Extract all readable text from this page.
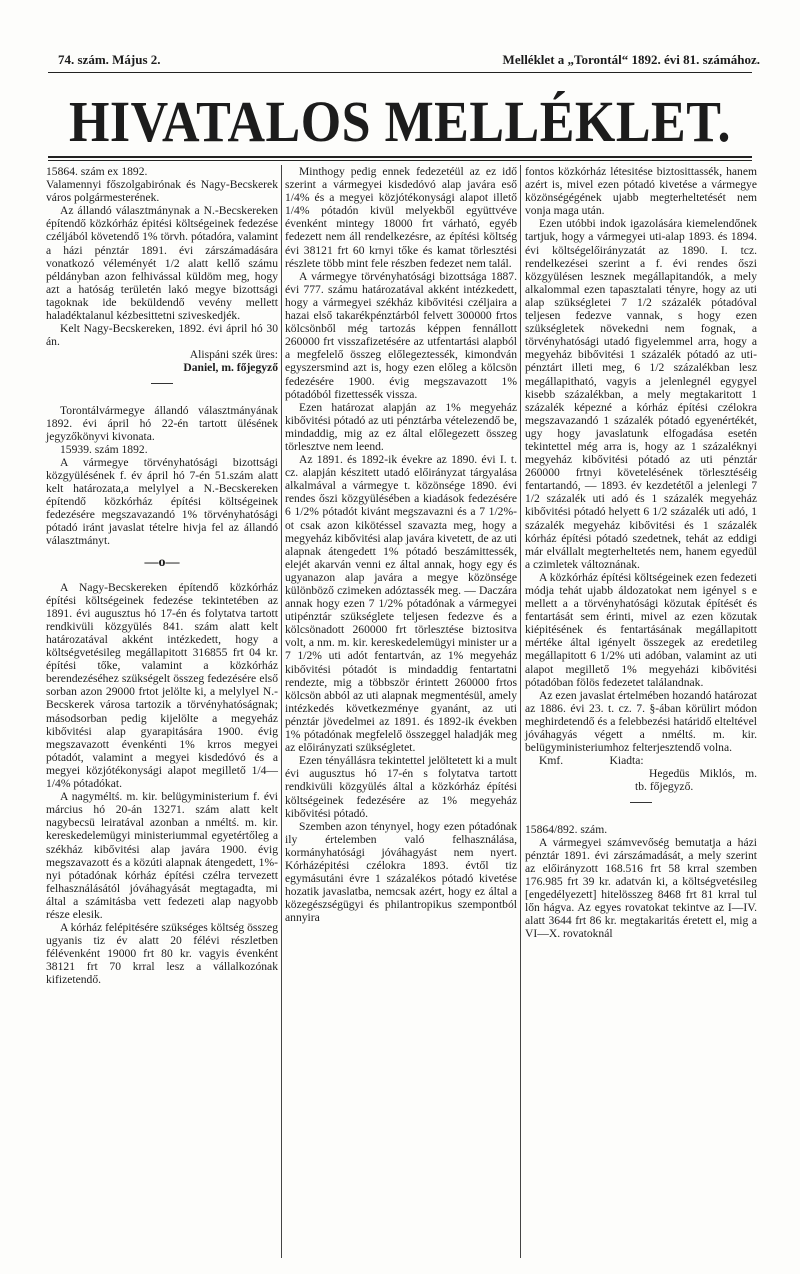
74. szám. Május 2.	Melléklet a „Torontál“ 1892. évi 81. számához.
HIVATALOS MELLÉKLET.

15864. szám ex 1892.

Valamennyi főszolgabirónak és Nagy-Becskerek város polgármesterének.

Az állandó választmánynak a N.-Becskereken építendő közkórház épitési költségeinek fedezése czéljából követendő 1% törvh. pótadóra, valamint a házi pénztár 1891. évi zárszámadására vonatkozó véleményét 1/2 alatt kellő számu példányban azon felhivással küldöm meg, hogy azt a hatóság területén lakó megye bizottsági tagoknak ide beküldendő vevény mellett haladéktalanul kézbesittetni sziveskedjék.

Kelt Nagy-Becskereken, 1892. évi ápril hó 30 án.

Alispáni szék üres:

Daniel, m. főjegyző

Torontálvármegye állandó választmányának 1892. évi ápril hó 22-én tartott ülésének jegyzőkönyvi kivonata.

15939. szám 1892.

A vármegye törvényhatósági bizottsági közgyülésének f. év ápril hó 7-én 51.szám alatt kelt határozata,a melylyel a N.-Becskereken építendő közkórház építési költségeinek fedezésére megszavazandó 1% törvényhatósági pótadó iránt javaslat tételre hivja fel az állandó választmányt.

—o—

A Nagy-Becskereken építendő közkórház építési költségeinek fedezése tekintetében az 1891. évi augusztus hó 17-én és folytatva tartott rendkivüli közgyülés 841. szám alatt kelt határozatával akként intézkedett, hogy a költségvetésileg megállapitott 316855 frt 04 kr. építési tőke, valamint a közkórház berendezéséhez szükségelt összeg fedezésére első sorban azon 29000 frtot jelölte ki, a melylyel N.-Becskerek városa tartozik a törvényhatóságnak; másodsorban pedig kijelölte a megyeház kibővitési alap gyarapitására 1900. évig megszavazott évenkénti 1% krros megyei pótadót, valamint a megyei kisdedóvó és a megyei közjótékonysági alapot megillető 1/4—1/4% pótadókat.

A nagyméltś. m. kir. belügyministerium f. évi március hó 20-án 13271. szám alatt kelt nagybecsü leiratával azonban a nméltś. m. kir. kereskedelemügyi ministeriummal egyetértőleg a székház kibővitési alap javára 1900. évig megszavazott és a közúti alapnak átengedett, 1%-nyi pótadónak kórház építési czélra tervezett felhasználásától jóváhagyását megtagadta, mi által a számitásba vett fedezeti alap nagyobb része elesik.

A kórház felépitésére szükséges költség összeg ugyanis tiz év alatt 20 félévi részletben félévenként 19000 frt 80 kr. vagyis évenként 38121 frt 70 krral lesz a vállalkozónak kifizetendő.

Minthogy pedig ennek fedezetéül az ez idő szerint a vármegyei kisdedóvó alap javára eső 1/4% és a megyei közjótékonysági alapot illető 1/4% pótadón kivül melyekből együttvéve évenként mintegy 18000 frt várható, egyéb fedezett nem áll rendelkezésre, az építési költség évi 38121 frt 60 krnyi tőke és kamat törlesztési részlete több mint fele részben fedezet nem talál.

A vármegye törvényhatósági bizottsága 1887. évi 777. számu határozatával akként intézkedett, hogy a vármegyei székház kibővitési czéljaira a hazai első takarékpénztárból felvett 300000 frtos kölcsönből még tartozás képpen fennállott 260000 frt visszafizetésére az utfentartási alapból a megfelelő összeg előlegeztessék, kimondván egyszersmind azt is, hogy ezen előleg a kölcsön fedezésére 1900. évig megszavazott 1% pótadóból fizettessék vissza.

Ezen határozat alapján az 1% megyeház kibővitési pótadó az uti pénztárba vételezendő be, mindaddig, mig az ez által előlegezett összeg törlesztve nem leend.

Az 1891. és 1892-ik évekre az 1890. évi I. t. cz. alapján készitett utadó előirányzat tárgyalása alkalmával a vármegye t. közönsége 1890. évi rendes őszi közgyülésében a kiadások fedezésére 6 1/2% pótadót kivánt megszavazni és a 7 1/2%-ot csak azon kikötéssel szavazta meg, hogy a megyeház kibővitési alap javára kivetett, de az uti alapnak átengedett 1% pótadó beszámittessék, elejét akarván venni ez által annak, hogy egy és ugyanazon alap javára a megye közönsége különböző czimeken adóztassék meg. — Daczára annak hogy ezen 7 1/2% pótadónak a vármegyei utipénztár szükséglete teljesen fedezve és a kölcsönadott 260000 frt törlesztése biztositva volt, a nm. m. kir. kereskedelemügyi minister ur a 7 1/2% uti adót fentartván, az 1% megyeház kibővitési pótadót is mindaddig fentartatni rendezte, mig a többször érintett 260000 frtos kölcsön abból az uti alapnak megmentésül, amely intézkedés következménye gyanánt, az uti pénztár jövedelmei az 1891. és 1892-ik években 1% pótadónak megfelelő összeggel haladják meg az előirányzati szükségletet.

Ezen tényállásra tekintettel jelöltetett ki a mult évi augusztus hó 17-én s folytatva tartott rendkivüli közgyülés által a közkórház építési költségeinek fedezésére az 1% megyeház kibővitési pótadó.

Szemben azon ténynyel, hogy ezen pótadónak ily értelemben való felhasználása, kormányhatósági jóváhagyást nem nyert. Kórházépitési czélokra 1893. évtől tiz egymásutáni évre 1 százalékos pótadó kivetése hozatik javaslatba, nemcsak azért, hogy ez által a közegészségügyi és philantropikus szempontból annyira

fontos közkórház létesitése biztosittassék, hanem azért is, mivel ezen pótadó kivetése a vármegye közönségégének ujabb megterheltetését nem vonja maga után.

Ezen utóbbi indok igazolására kiemelendőnek tartjuk, hogy a vármegyei uti-alap 1893. és 1894. évi költségelőirányzatát az 1890. I. tcz. rendelkezései szerint a f. évi rendes őszi közgyülésen lesznek megállapitandók, a mely alkalommal ezen tapasztalati tényre, hogy az uti alap szükségletei 7 1/2 százalék pótadóval teljesen fedezve vannak, s hogy ezen szükségletek növekedni nem fognak, a törvényhatósági utadó figyelemmel arra, hogy a megyeház bibővitési 1 százalék pótadó az uti-pénztárt illeti meg, 6 1/2 százalékban lesz megállapitható, vagyis a jelenlegnél egygyel kisebb százalékban, a mely megtakaritott 1 százalék képezné a kórház építési czélokra megszavazandó 1 százalék pótadó egyenértékét, ugy hogy javaslatunk elfogadása esetén tekintettel még arra is, hogy az 1 százaléknyi megyeház kibővitési pótadó az uti pénztár 260000 frtnyi követelésének törlesztéséig fentartandó, — 1893. év kezdetétől a jelenlegi 7 1/2 százalék uti adó és 1 százalék megyeház kibővitési pótadó helyett 6 1/2 százalék uti adó, 1 százalék megyeház kibővitési és 1 százalék kórház építési pótadó szedetnek, tehát az eddigi már elvállalt megterheltetés nem, hanem egyedül a czimletek változnának.

A közkórház építési költségeinek ezen fedezeti módja tehát ujabb áldozatokat nem igényel s e mellett a a törvényhatósági közutak építését és fentartását sem érinti, mivel az ezen közutak kiépitésének és fentartásának megállapitott mértéke által igényelt összegek az eredetileg megállapitott 6 1/2% uti adóban, valamint az uti alapot megillető 1% megyeházi kibővitési pótadóban fölös fedezetet találandnak.

Az ezen javaslat értelmében hozandó határozat az 1886. évi 23. t. cz. 7. §-ában körülirt módon meghirdetendő és a felebbezési határidő elteltével jóváhagyás végett a nméltś. m. kir. belügyministeriumhoz felterjesztendő volna.

Kmf.                Kiadta:

Hegedüs Miklós, m. tb. főjegyző.

15864/892. szám.

A vármegyei számvevőség bemutatja a házi pénztár 1891. évi zárszámadását, a mely szerint az előirányzott 168.516 frt 58 krral szemben 176.985 frt 39 kr. adatván ki, a költségvetésileg [engedélyezett] hitelösszeg 8468 frt 81 krral tul lőn hágva. Az egyes rovatokat tekintve az I—IV. alatt 3644 frt 86 kr. megtakaritás éretett el, mig a VI—X. rovatoknál
